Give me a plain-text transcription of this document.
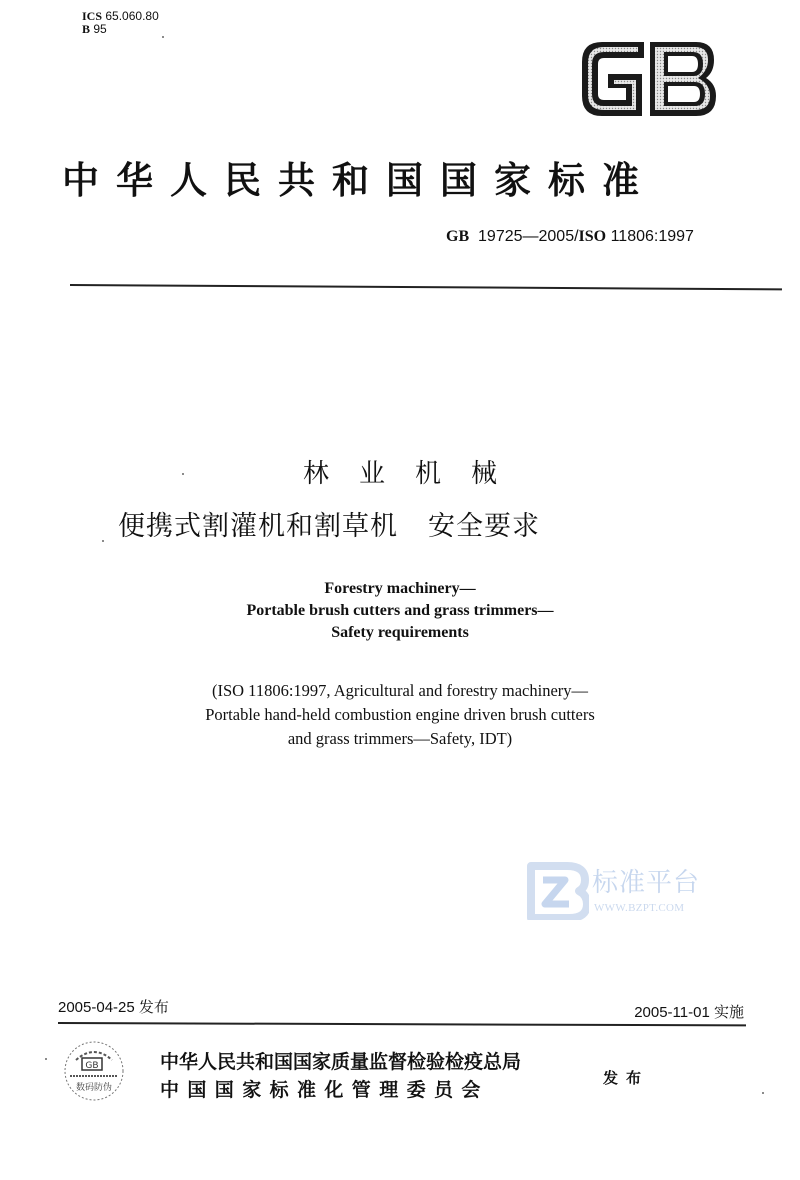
ICS 65.060.80
B 95
中华人民共和国国家标准
GB 19725—2005/ISO 11806:1997
林业机械
便携式割灌机和割草机 安全要求
Forestry machinery—
Portable brush cutters and grass trimmers—
Safety requirements
(ISO 11806:1997, Agricultural and forestry machinery—
Portable hand-held combustion engine driven brush cutters
and grass trimmers—Safety, IDT)
标准平台
WWW.BZPT.COM
2005-04-25 发布	2005-11-01 实施
GB
数码防伪
中华人民共和国国家质量监督检验检疫总局
中国国家标准化管理委员会
发布
